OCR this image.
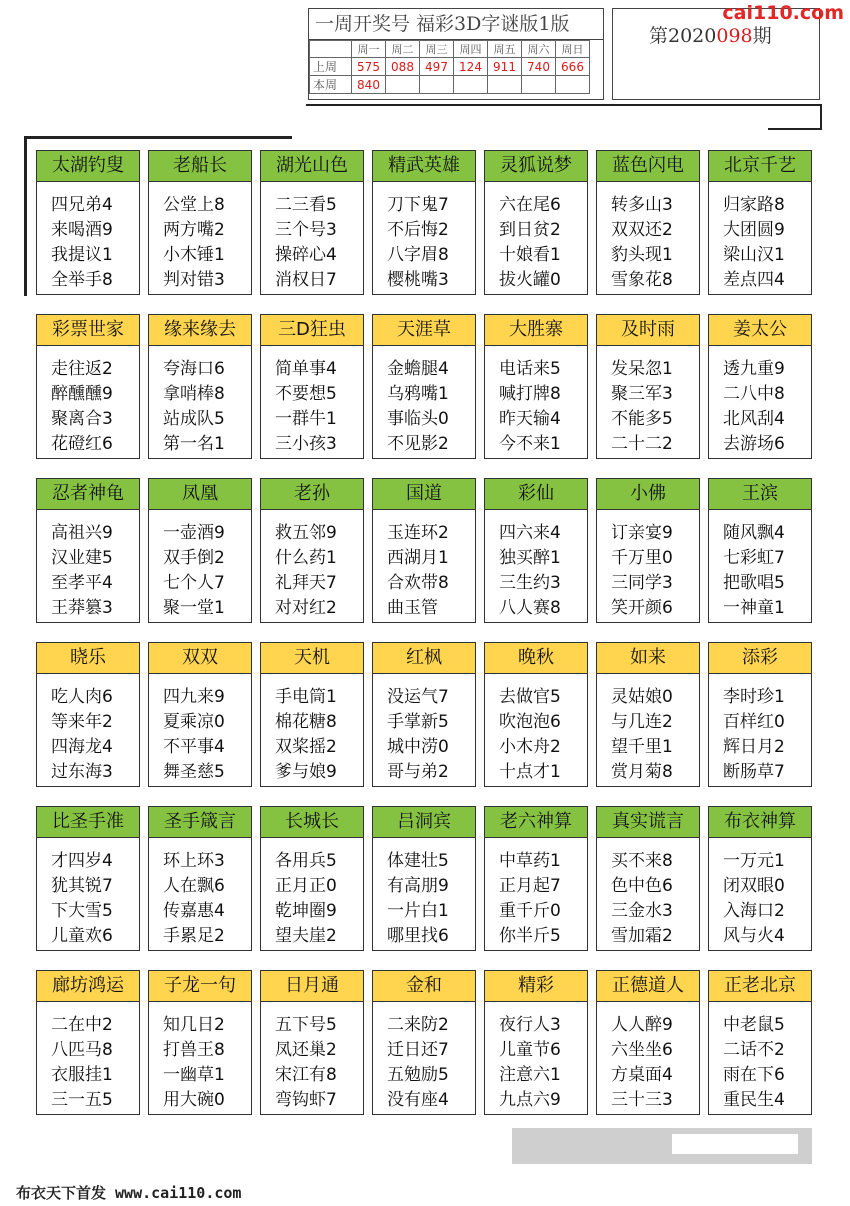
一周开奖号 福彩3D字谜版1版
	周一	周二	周三	周四	周五	周六	周日
上周	575	088	497	124	911	740	666
本周	840						
第2020098期
cai110.com
太湖钓叟
四兄弟4
来喝酒9
我提议1
全举手8
老船长
公堂上8
两方嘴2
小木锤1
判对错3
湖光山色
二三看5
三个号3
操碎心4
消权日7
精武英雄
刀下鬼7
不后悔2
八字眉8
樱桃嘴3
灵狐说梦
六在尾6
到日贫2
十娘看1
拔火罐0
蓝色闪电
转多山3
双双还2
豹头现1
雪象花8
北京千艺
归家路8
大团圆9
梁山汉1
差点四4
彩票世家
走往返2
醉醺醺9
聚离合3
花磴红6
缘来缘去
夸海口6
拿哨棒8
站成队5
第一名1
三D狂虫
简单事4
不要想5
一群牛1
三小孩3
天涯草
金蟾腿4
乌鸦嘴1
事临头0
不见影2
大胜寨
电话来5
喊打牌8
昨天输4
今不来1
及时雨
发呆忽1
聚三军3
不能多5
二十二2
姜太公
透九重9
二八中8
北风刮4
去游场6
忍者神龟
高祖兴9
汉业建5
至孝平4
王莽篡3
凤凰
一壶酒9
双手倒2
七个人7
聚一堂1
老孙
救五邻9
什么药1
礼拜天7
对对红2
国道
玉连环2
西湖月1
合欢带8
曲玉管
彩仙
四六来4
独买醉1
三生约3
八人赛8
小佛
订亲宴9
千万里0
三同学3
笑开颜6
王滨
随风飘4
七彩虹7
把歌唱5
一神童1
晓乐
吃人肉6
等来年2
四海龙4
过东海3
双双
四九来9
夏乘凉0
不平事4
舞圣慈5
天机
手电筒1
棉花糖8
双桨摇2
爹与娘9
红枫
没运气7
手掌新5
城中涝0
哥与弟2
晚秋
去做官5
吹泡泡6
小木舟2
十点才1
如来
灵姑娘0
与几连2
望千里1
赏月菊8
添彩
李时珍1
百样红0
辉日月2
断肠草7
比圣手准
才四岁4
犹其锐7
下大雪5
儿童欢6
圣手箴言
环上环3
人在飘6
传嘉惠4
手累足2
长城长
各用兵5
正月正0
乾坤圈9
望夫崖2
吕洞宾
体建壮5
有高朋9
一片白1
哪里找6
老六神算
中草药1
正月起7
重千斤0
你半斤5
真实谎言
买不来8
色中色6
三金水3
雪加霜2
布衣神算
一万元1
闭双眼0
入海口2
风与火4
廊坊鸿运
二在中2
八匹马8
衣服挂1
三一五5
子龙一句
知几日2
打兽王8
一幽草1
用大碗0
日月通
五下号5
凤还巢2
宋江有8
弯钩虾7
金和
二来防2
迁日还7
五勉励5
没有座4
精彩
夜行人3
儿童节6
注意六1
九点六9
正德道人
人人醉9
六坐坐6
方桌面4
三十三3
正老北京
中老鼠5
二话不2
雨在下6
重民生4
布衣天下首发 www.cai110.com
